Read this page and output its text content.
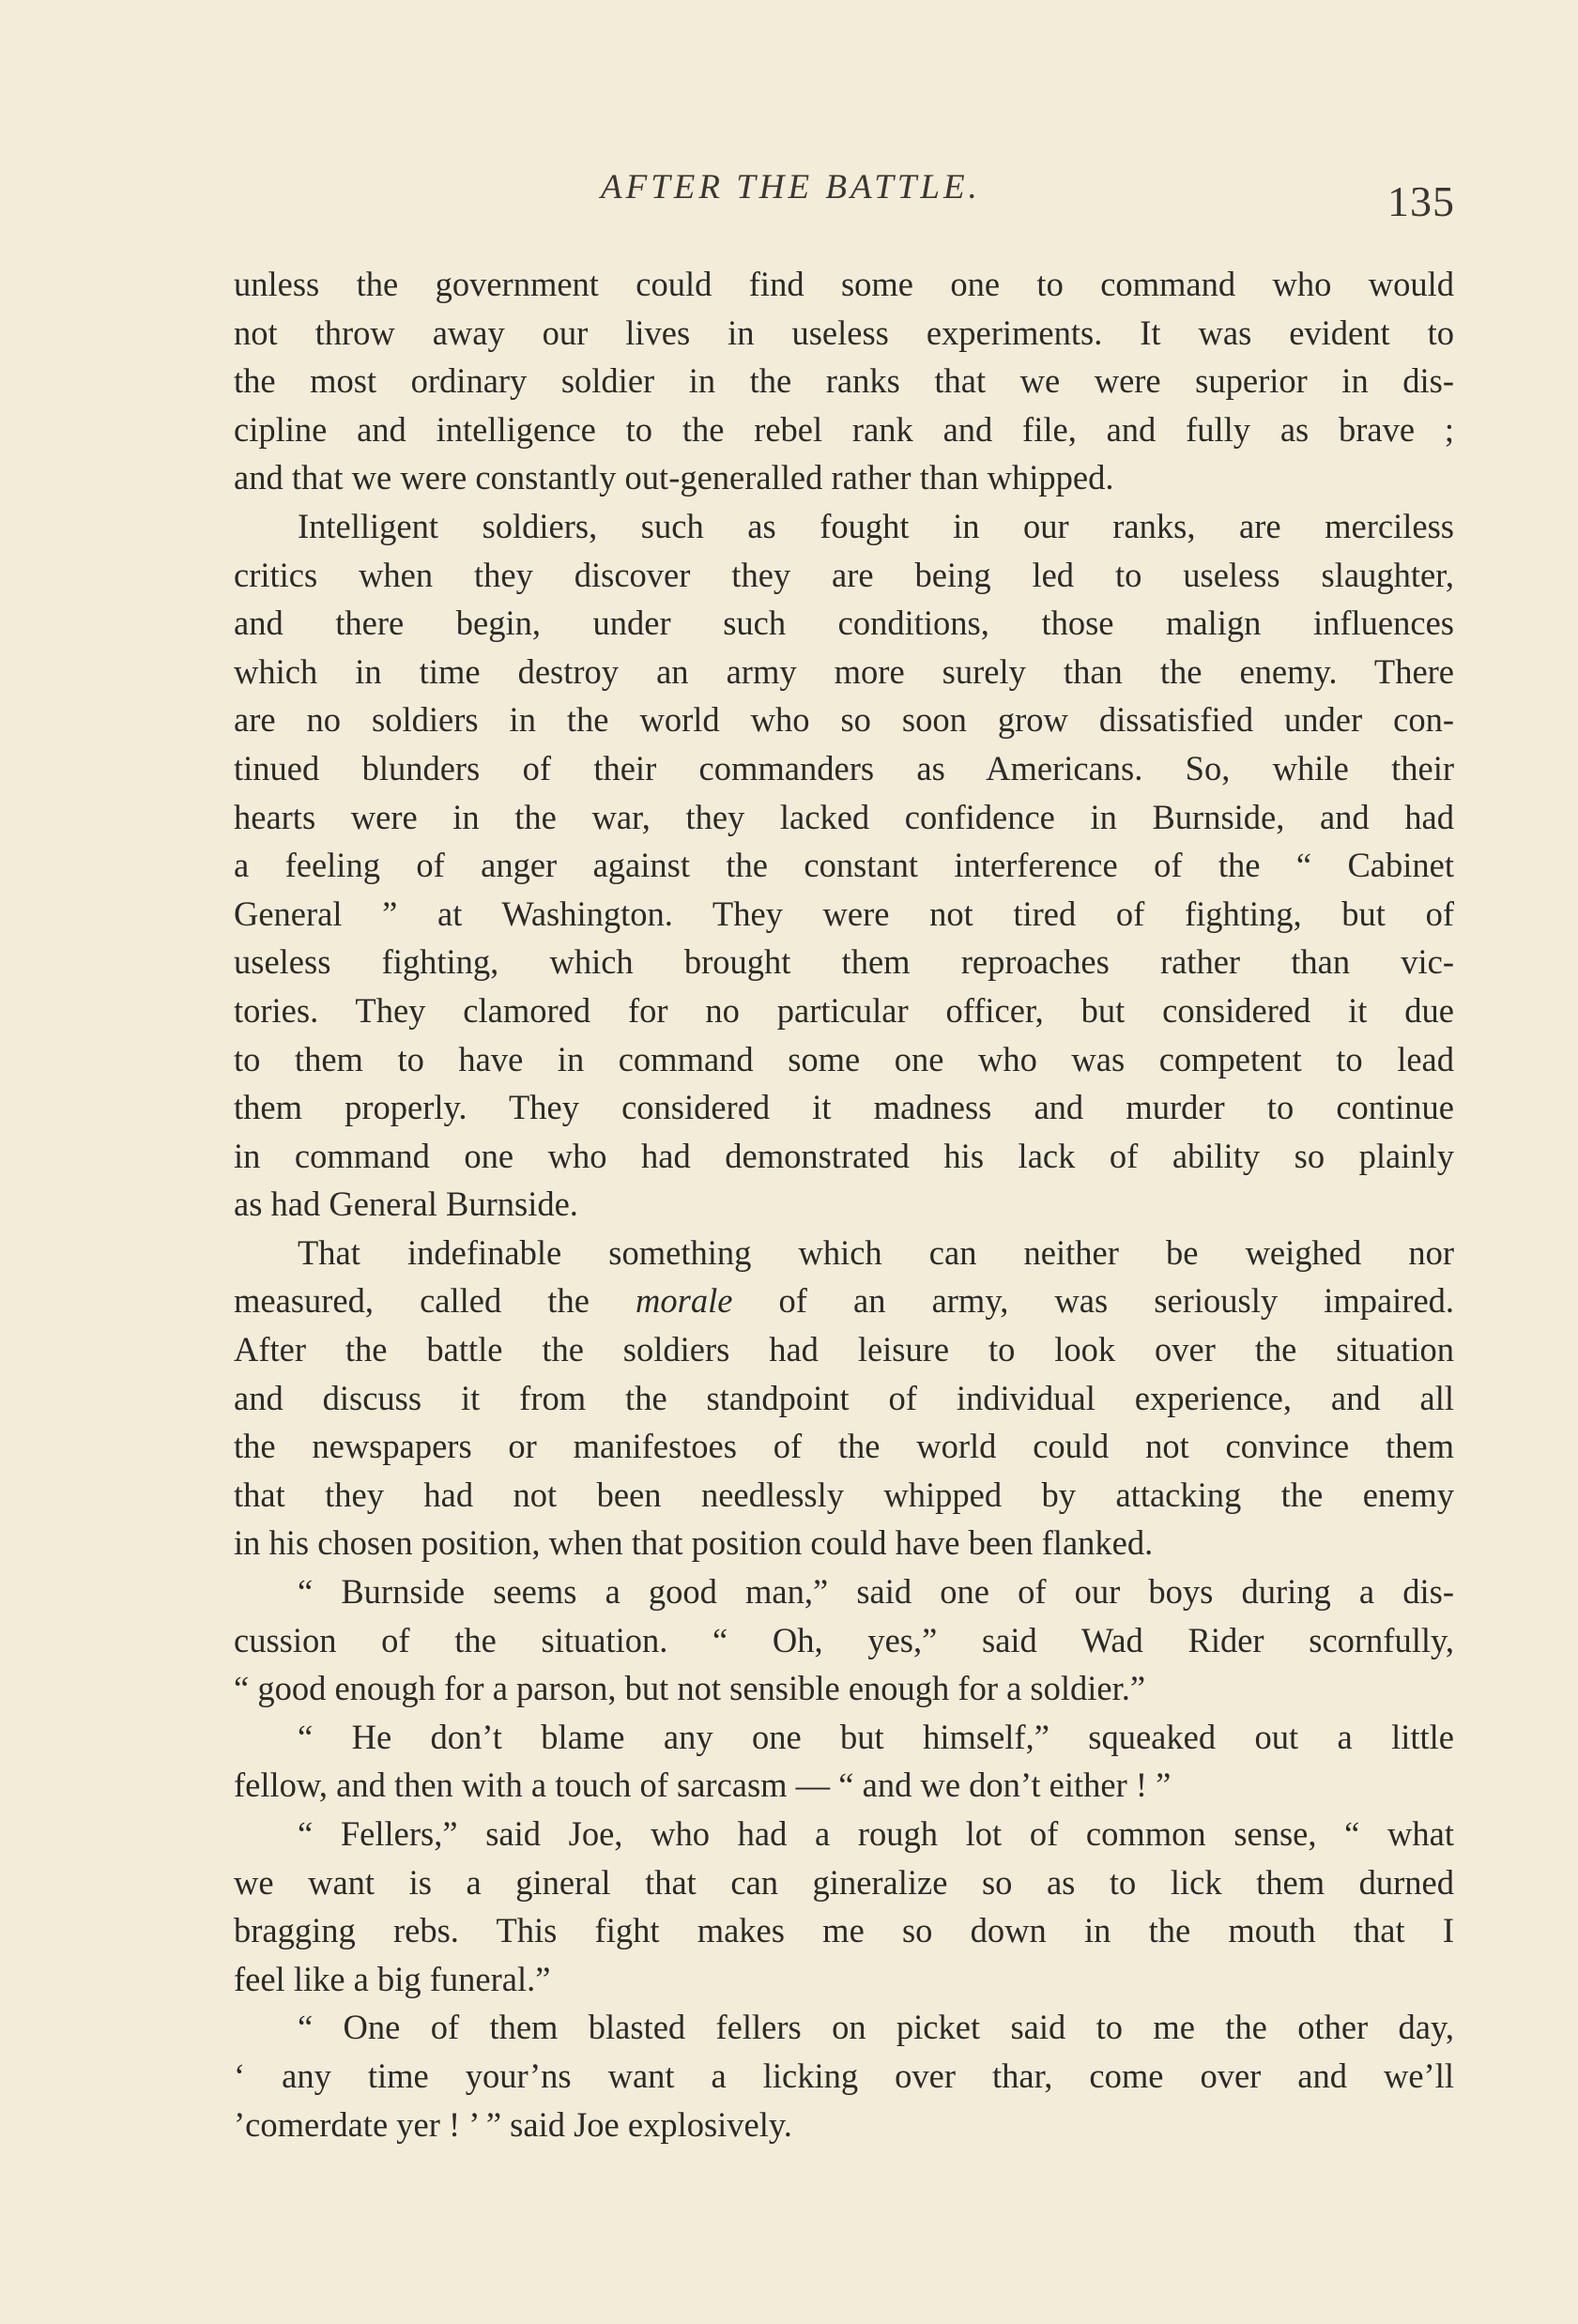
AFTER THE BATTLE.	135

unless the government could find some one to command who would
not throw away our lives in useless experiments. It was evident to
the most ordinary soldier in the ranks that we were superior in dis-
cipline and intelligence to the rebel rank and file, and fully as brave ;
and that we were constantly out-generalled rather than whipped.

Intelligent soldiers, such as fought in our ranks, are merciless
critics when they discover they are being led to useless slaughter,
and there begin, under such conditions, those malign influences
which in time destroy an army more surely than the enemy. There
are no soldiers in the world who so soon grow dissatisfied under con-
tinued blunders of their commanders as Americans. So, while their
hearts were in the war, they lacked confidence in Burnside, and had
a feeling of anger against the constant interference of the “ Cabinet
General ” at Washington. They were not tired of fighting, but of
useless fighting, which brought them reproaches rather than vic-
tories. They clamored for no particular officer, but considered it due
to them to have in command some one who was competent to lead
them properly. They considered it madness and murder to continue
in command one who had demonstrated his lack of ability so plainly
as had General Burnside.

That indefinable something which can neither be weighed nor
measured, called the morale of an army, was seriously impaired.
After the battle the soldiers had leisure to look over the situation
and discuss it from the standpoint of individual experience, and all
the newspapers or manifestoes of the world could not convince them
that they had not been needlessly whipped by attacking the enemy
in his chosen position, when that position could have been flanked.

“ Burnside seems a good man,” said one of our boys during a dis-
cussion of the situation. “ Oh, yes,” said Wad Rider scornfully,
“ good enough for a parson, but not sensible enough for a soldier.”

“ He don’t blame any one but himself,” squeaked out a little
fellow, and then with a touch of sarcasm — “ and we don’t either ! ”

“ Fellers,” said Joe, who had a rough lot of common sense, “ what
we want is a gineral that can gineralize so as to lick them durned
bragging rebs. This fight makes me so down in the mouth that I
feel like a big funeral.”

“ One of them blasted fellers on picket said to me the other day,
‘ any time your’ns want a licking over thar, come over and we’ll
’comerdate yer ! ’ ” said Joe explosively.
